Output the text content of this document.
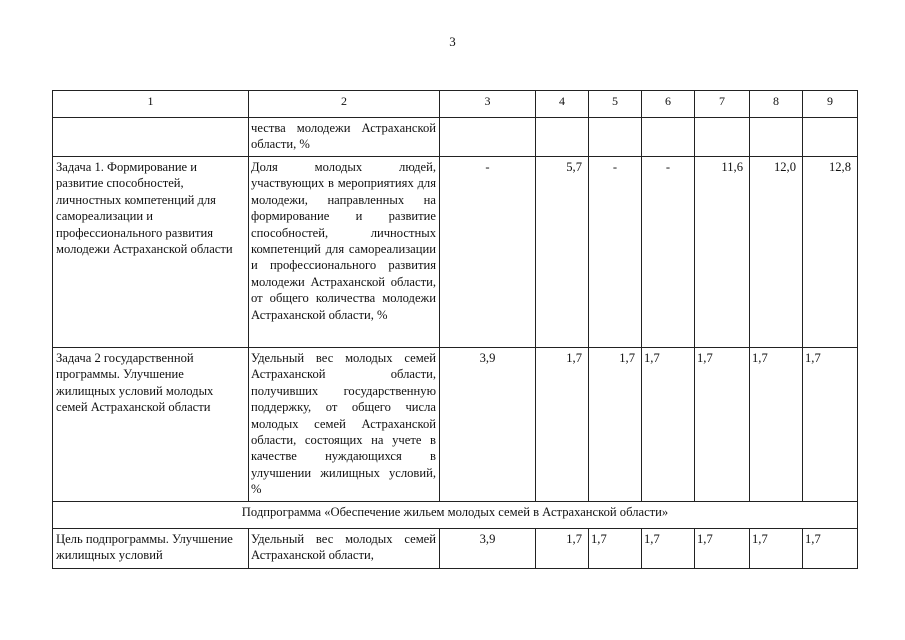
3
1	2	3	4	5	6	7	8	9
	чества молодежи Астраханской области, %							
Задача 1. Формирование и развитие способностей, личностных компетенций для самореализации и профессионального развития молодежи Астраханской области	Доля молодых людей, участвующих в мероприятиях для молодежи, направленных на формирование и развитие способностей, личностных компетенций для самореализации и профессионального развития молодежи Астраханской области, от общего количества молодежи Астраханской области, %	-	5,7	-	-	11,6	12,0	12,8
Задача 2 государственной программы. Улучшение жилищных условий молодых семей Астраханской области	Удельный вес молодых семей Астраханской области, получивших государственную поддержку, от общего числа молодых семей Астраханской области, состоящих на учете в качестве нуждающихся в улучшении жилищных условий, %	3,9	1,7	1,7	1,7	1,7	1,7	1,7
Подпрограмма «Обеспечение жильем молодых семей в Астраханской области»								
Цель подпрограммы. Улучшение жилищных условий	Удельный вес молодых семей Астраханской области,	3,9	1,7	1,7	1,7	1,7	1,7	1,7
